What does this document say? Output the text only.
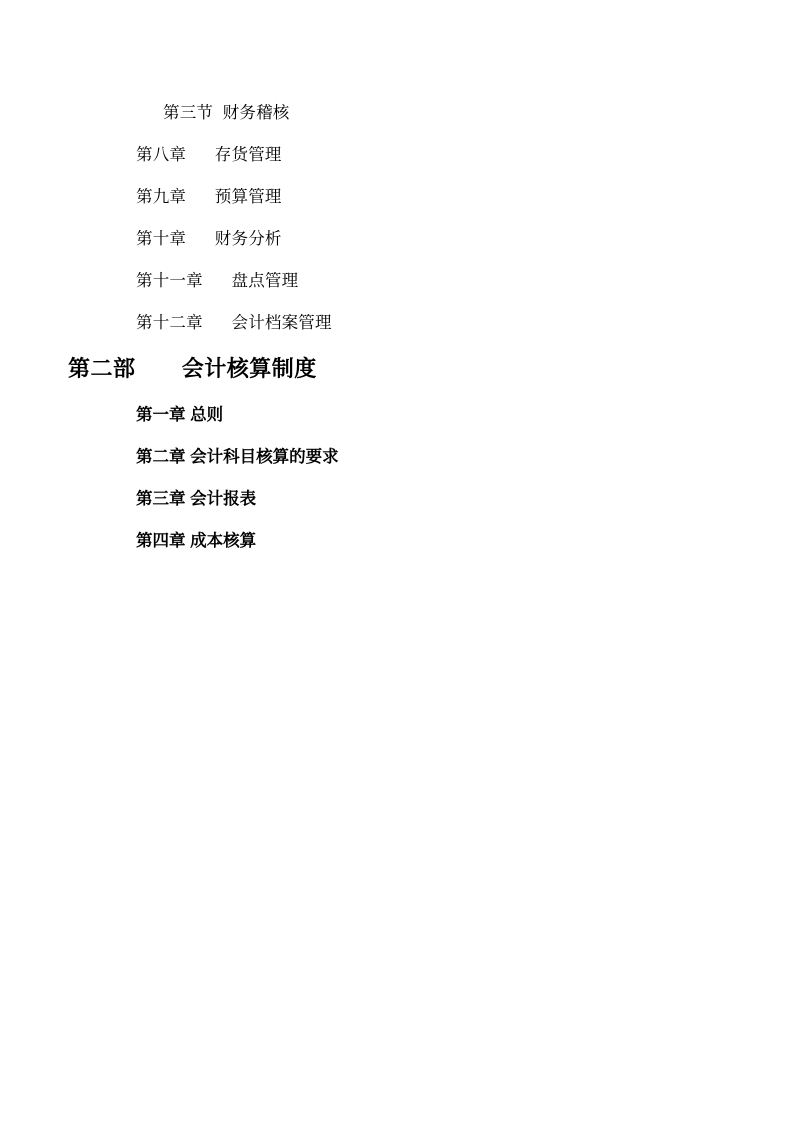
第三节  财务稽核
第八章      存货管理
第九章      预算管理
第十章      财务分析
第十一章      盘点管理
第十二章      会计档案管理
第二部       会计核算制度
第一章 总则
第二章 会计科目核算的要求
第三章 会计报表
第四章 成本核算
